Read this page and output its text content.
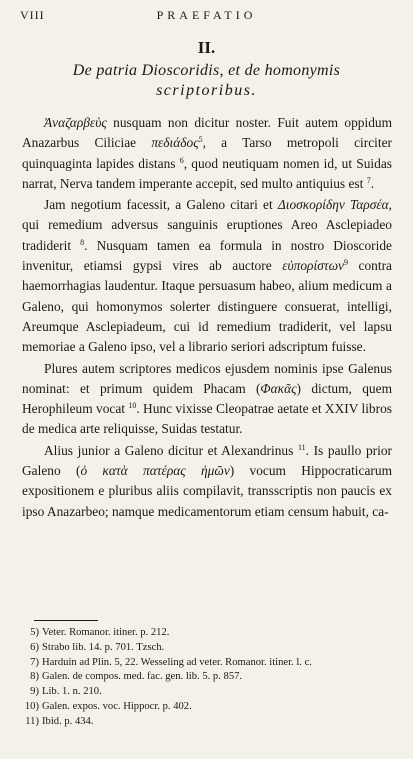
VIII	PRAEFATIO
II.
De patria Dioscoridis, et de homonymis
scriptoribus.

Ἀναζαρβεὺς nusquam non dicitur noster. Fuit autem oppidum Anazarbus Ciliciae πεδιάδος$^5$, a Tarso metropoli circiter quinquaginta lapides distans $^6$, quod neutiquam nomen id, ut Suidas narrat, Nerva tandem imperante accepit, sed multo antiquius est $^7$.

Jam negotium facessit, a Galeno citari et Διοσκορίδην Ταρσέα, qui remedium adversus sanguinis eruptiones Areo Asclepiadeo tradiderit $^8$. Nusquam tamen ea formula in nostro Dioscoride invenitur, etiamsi gypsi vires ab auctore εὐπορίστων$^9$ contra haemorrhagias laudentur. Itaque persuasum habeo, alium medicum a Galeno, qui homonymos solerter distinguere consuerat, intelligi, Areumque Asclepiadeum, cui id remedium tradiderit, vel lapsu memoriae a Galeno ipso, vel a librario seriori adscriptum fuisse.

Plures autem scriptores medicos ejusdem nominis ipse Galenus nominat: et primum quidem Phacam (Φακᾶς) dictum, quem Herophileum vocat $^{10}$. Hunc vixisse Cleopatrae aetate et XXIV libros de medica arte reliquisse, Suidas testatur.

Alius junior a Galeno dicitur et Alexandrinus $^{11}$. Is paullo prior Galeno (ὁ κατὰ πατέρας ἡμῶν) vocum Hippocraticarum expositionem e pluribus aliis compilavit, transscriptis non paucis ex ipso Anazarbeo; namque medicamentorum etiam censum habuit, ca-

5) Veter. Romanor. itiner. p. 212.
6) Strabo lib. 14. p. 701. Tzsch.
7) Harduin ad Plin. 5, 22. Wesseling ad veter. Romanor. itiner. l. c.
8) Galen. de compos. med. fac. gen. lib. 5. p. 857.
9) Lib. 1. n. 210.
10) Galen. expos. voc. Hippocr. p. 402.
11) Ibid. p. 434.
